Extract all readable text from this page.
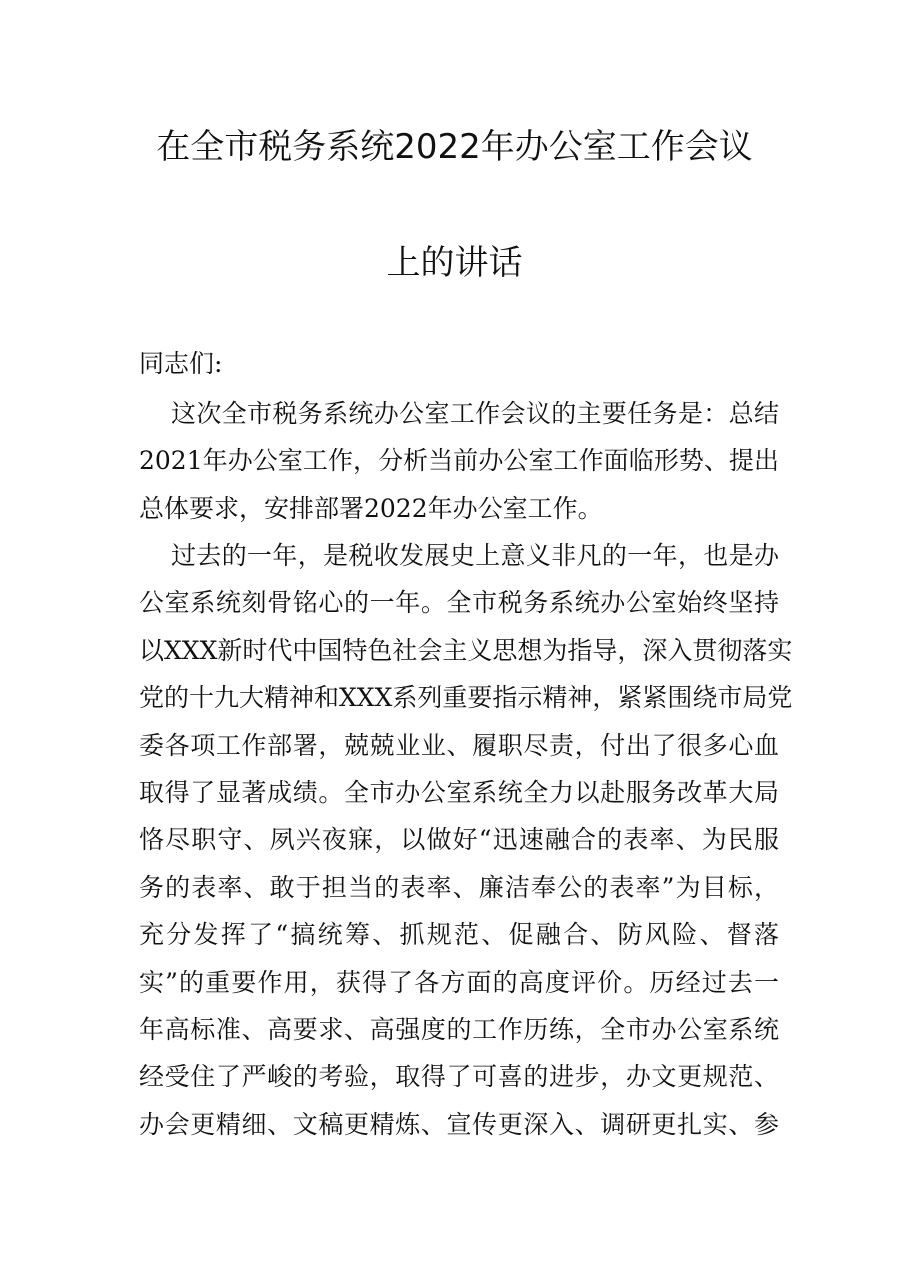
在全市税务系统2022年办公室工作会议
上的讲话
同志们:
这次全市税务系统办公室工作会议的主要任务是：总结
2021年办公室工作，分析当前办公室工作面临形势、提出
总体要求，安排部署2022年办公室工作。
过去的一年，是税收发展史上意义非凡的一年，也是办
公室系统刻骨铭心的一年。全市税务系统办公室始终坚持
以XXX新时代中国特色社会主义思想为指导，深入贯彻落实
党的十九大精神和XXX系列重要指示精神，紧紧围绕市局党
委各项工作部署，兢兢业业、履职尽责，付出了很多心血
取得了显著成绩。全市办公室系统全力以赴服务改革大局
恪尽职守、夙兴夜寐，以做好“迅速融合的表率、为民服
务的表率、敢于担当的表率、廉洁奉公的表率”为目标，
充分发挥了“搞统筹、抓规范、促融合、防风险、督落
实”的重要作用，获得了各方面的高度评价。历经过去一
年高标准、高要求、高强度的工作历练，全市办公室系统
经受住了严峻的考验，取得了可喜的进步，办文更规范、
办会更精细、文稿更精炼、宣传更深入、调研更扎实、参
